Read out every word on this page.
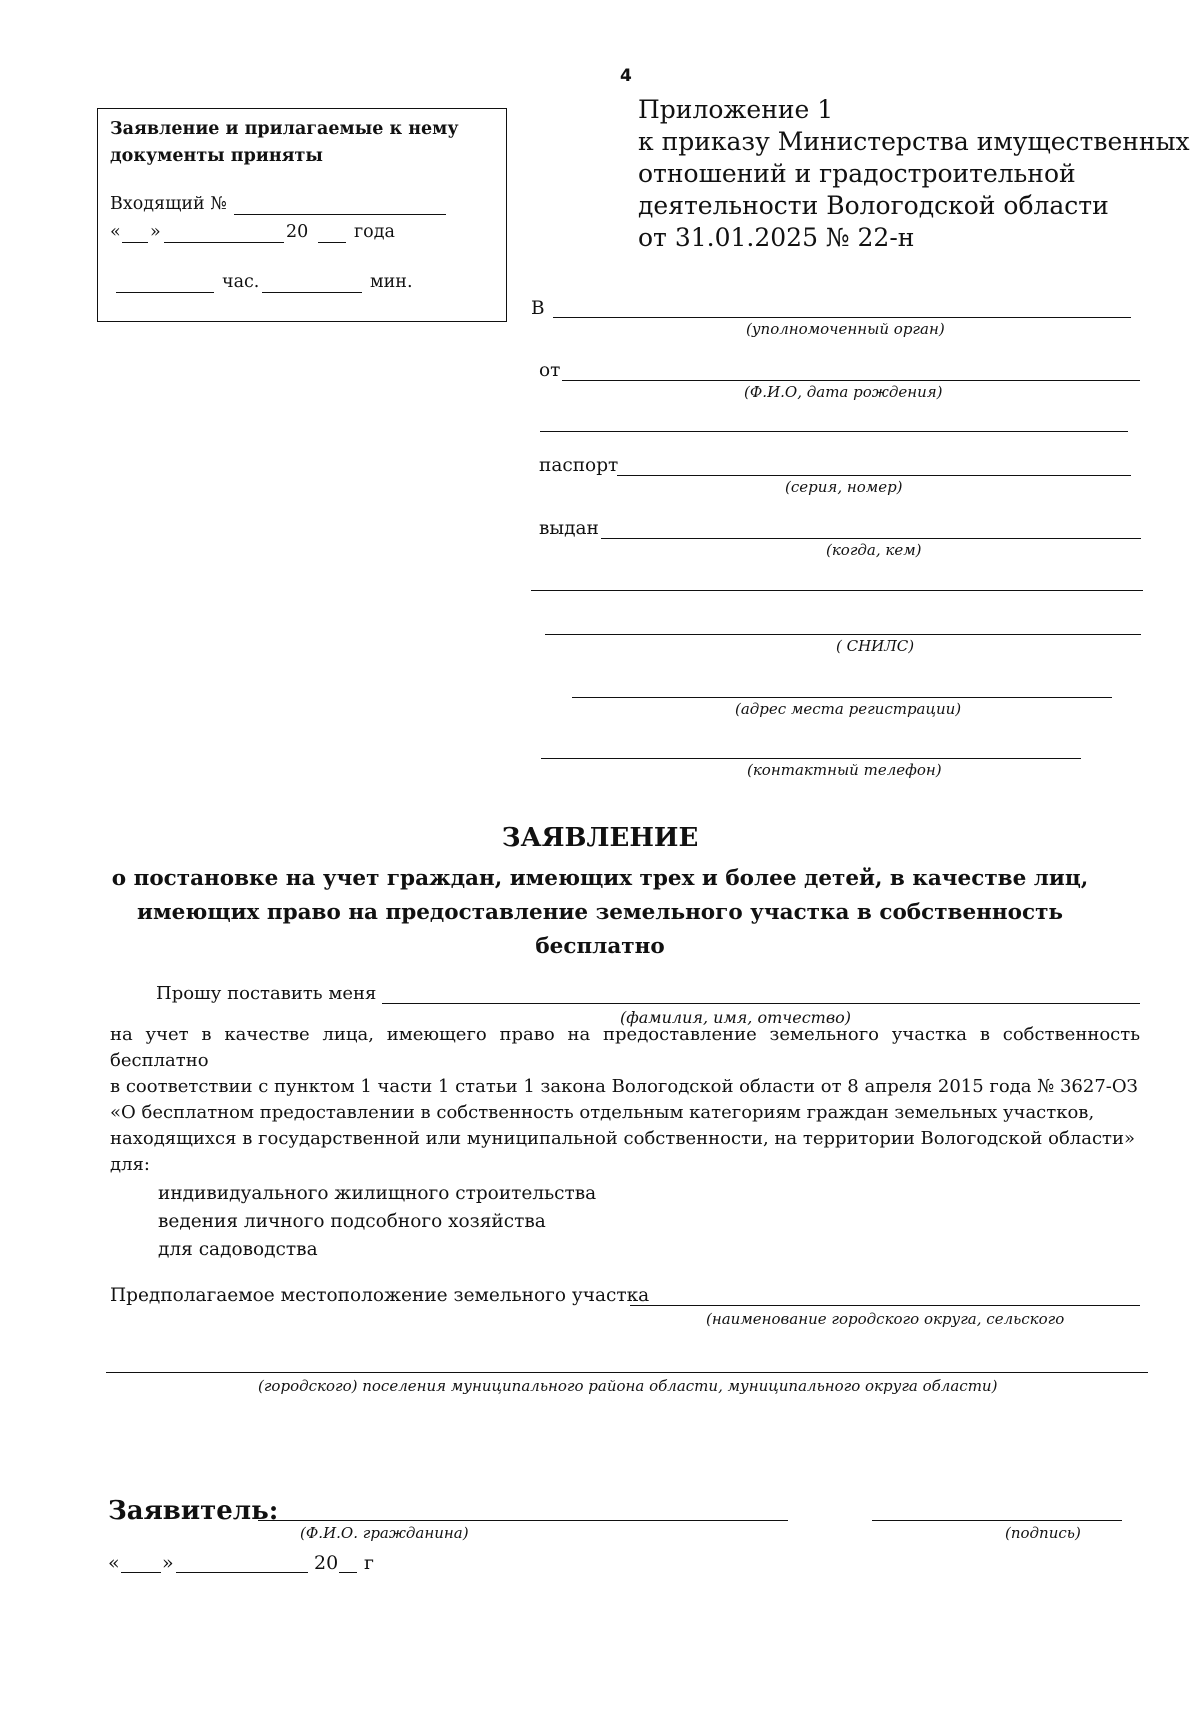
4
Заявление и прилагаемые к нему документы приняты
Входящий №
« »	20	года
час.	мин.
Приложение 1
к приказу Министерства имущественных
отношений и градостроительной
деятельности Вологодской области
от 31.01.2025 № 22-н
В
(уполномоченный орган)
от
(Ф.И.О, дата рождения)
паспорт
(серия, номер)
выдан
(когда, кем)
( СНИЛС)
(адрес места регистрации)
(контактный телефон)
ЗАЯВЛЕНИЕ
о постановке на учет граждан, имеющих трех и более детей, в качестве лиц,
имеющих право на предоставление земельного участка в собственность
бесплатно
Прошу поставить меня
(фамилия, имя, отчество)
на учет в качестве лица, имеющего право на предоставление земельного участка в собственность бесплатно
в соответствии с пунктом 1 части 1 статьи 1 закона Вологодской области от 8 апреля 2015 года № 3627-ОЗ
«О бесплатном предоставлении в собственность отдельным категориям граждан земельных участков,
находящихся в государственной или муниципальной собственности, на территории Вологодской области»
для:
индивидуального жилищного строительства
ведения личного подсобного хозяйства
для садоводства
Предполагаемое местоположение земельного участка
(наименование городского округа, сельского
(городского) поселения муниципального района области, муниципального округа области)
Заявитель:
(Ф.И.О. гражданина)	(подпись)
« »	20 г
